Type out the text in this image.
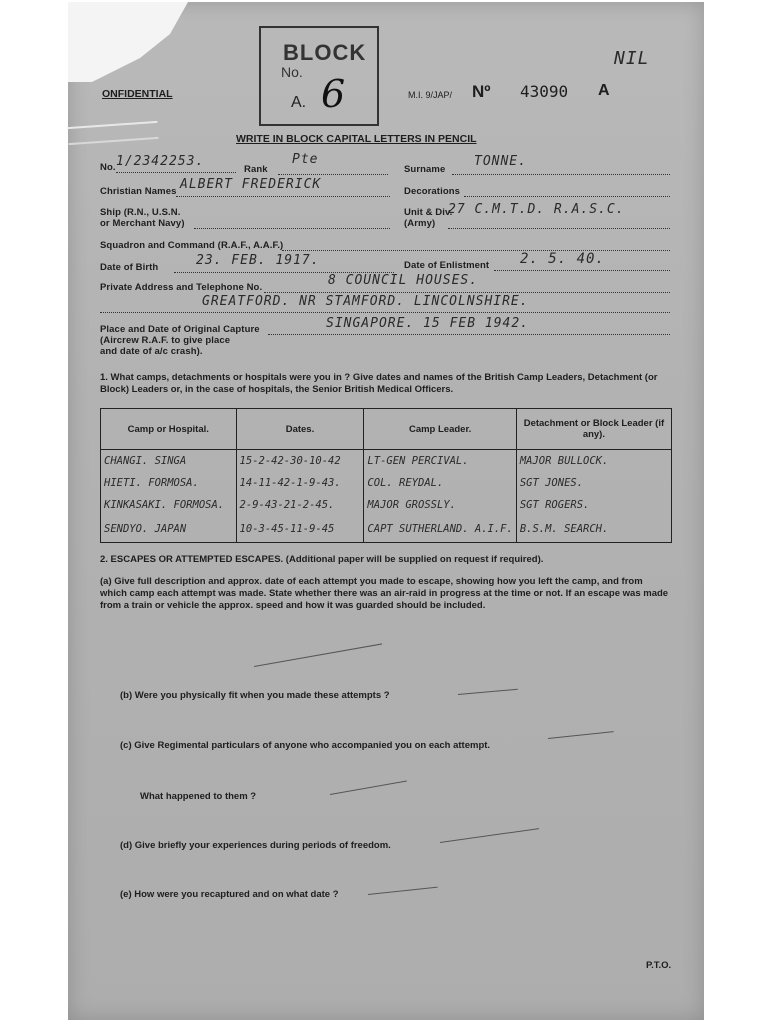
BLOCK
No.
A. 6
ONFIDENTIAL	M.I. 9/JAP/ Nº 43090 A
NIL
WRITE IN BLOCK CAPITAL LETTERS IN PENCIL
No. 1/2342253.
Rank
Pte
Surname
TONNE.
Christian Names ALBERT FREDERICK	Decorations
Ship (R.N., U.S.N.
or Merchant Navy)
Unit & Div.
(Army)
27 C.M.T.D. R.A.S.C.
Squadron and Command (R.A.F., A.A.F.)
Date of Birth	23. FEB. 1917.	Date of Enlistment 2. 5. 40.
Private Address and Telephone No.	8 COUNCIL HOUSES.
GREATFORD. NR STAMFORD. LINCOLNSHIRE.
Place and Date of Original Capture
(Aircrew R.A.F. to give place
and date of a/c crash).
SINGAPORE. 15 FEB 1942.
1. What camps, detachments or hospitals were you in ? Give dates and names of the British Camp Leaders, Detachment (or Block) Leaders or, in the case of hospitals, the Senior British Medical Officers.
Camp or Hospital.	Dates.	Camp Leader.	Detachment or Block Leader (if any).
CHANGI. SINGA	15-2-42-30-10-42	LT-GEN PERCIVAL.	MAJOR BULLOCK.
HIETI. FORMOSA.	14-11-42-1-9-43.	COL. REYDAL.	SGT JONES.
KINKASAKI. FORMOSA.	2-9-43-21-2-45.	MAJOR GROSSLY.	SGT ROGERS.
SENDYO. JAPAN	10-3-45-11-9-45	CAPT SUTHERLAND. A.I.F.	B.S.M. SEARCH.
2. ESCAPES OR ATTEMPTED ESCAPES. (Additional paper will be supplied on request if required).
(a) Give full description and approx. date of each attempt you made to escape, showing how you left the camp, and from which camp each attempt was made. State whether there was an air-raid in progress at the time or not. If an escape was made from a train or vehicle the approx. speed and how it was guarded should be included.
(b) Were you physically fit when you made these attempts ?
(c) Give Regimental particulars of anyone who accompanied you on each attempt.
What happened to them ?
(d) Give briefly your experiences during periods of freedom.
(e) How were you recaptured and on what date ?
P.T.O.
